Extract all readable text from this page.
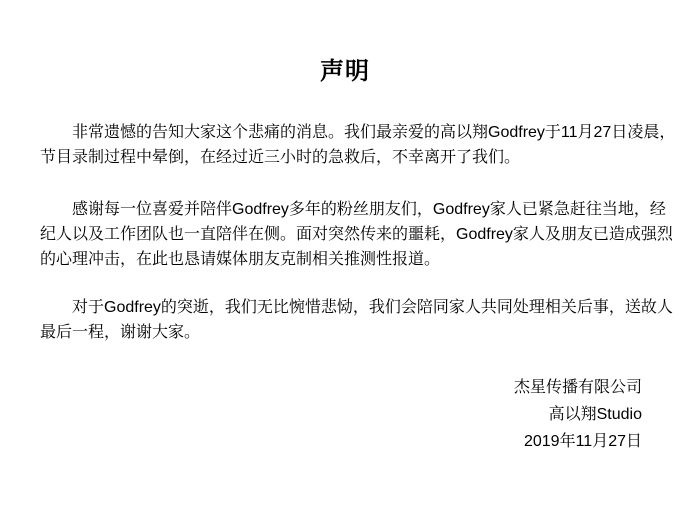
声明
非常遗憾的告知大家这个悲痛的消息。我们最亲爱的高以翔Godfrey于11月27日凌晨，
节目录制过程中晕倒，在经过近三小时的急救后，不幸离开了我们。
感谢每一位喜爱并陪伴Godfrey多年的粉丝朋友们，Godfrey家人已紧急赶往当地，经
纪人以及工作团队也一直陪伴在侧。面对突然传来的噩耗，Godfrey家人及朋友已造成强烈
的心理冲击，在此也恳请媒体朋友克制相关推测性报道。
对于Godfrey的突逝，我们无比惋惜悲恸，我们会陪同家人共同处理相关后事，送故人
最后一程，谢谢大家。
杰星传播有限公司
高以翔Studio
2019年11月27日
